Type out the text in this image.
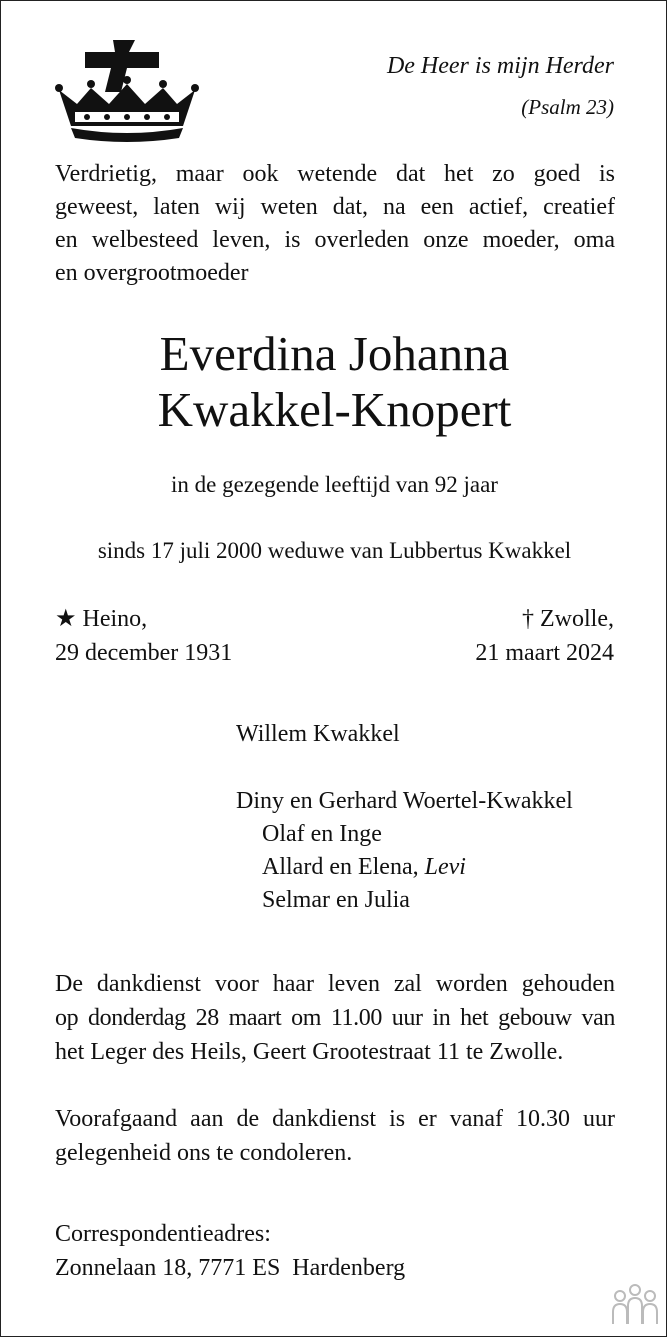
De Heer is mijn Herder
(Psalm 23)
Verdrietig, maar ook wetende dat het zo goed is
geweest, laten wij weten dat, na een actief, creatief
en welbesteed leven, is overleden onze moeder, oma
en overgrootmoeder
Everdina Johanna
Kwakkel-Knopert
in de gezegende leeftijd van 92 jaar
sinds 17 juli 2000 weduwe van Lubbertus Kwakkel
★ Heino,
29 december 1931
† Zwolle,
21 maart 2024
Willem Kwakkel
Diny en Gerhard Woertel-Kwakkel
Olaf en Inge
Allard en Elena, Levi
Selmar en Julia
De dankdienst voor haar leven zal worden gehouden
op donderdag 28 maart om 11.00 uur in het gebouw van
het Leger des Heils, Geert Grootestraat 11 te Zwolle.
Voorafgaand aan de dankdienst is er vanaf 10.30 uur
gelegenheid ons te condoleren.
Correspondentieadres:
Zonnelaan 18, 7771 ES  Hardenberg
